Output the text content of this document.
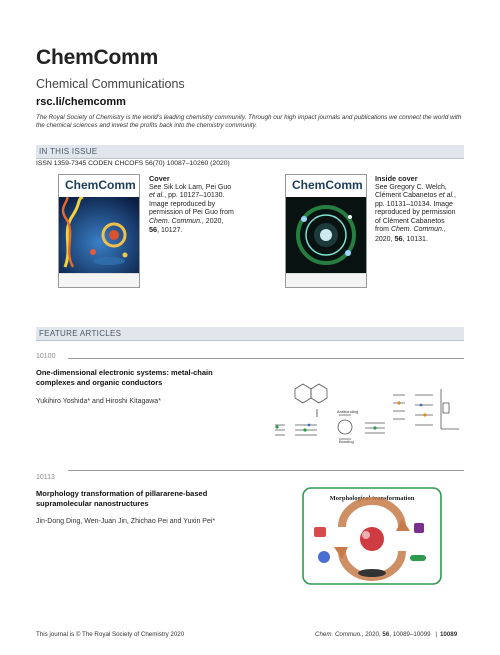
ChemComm
Chemical Communications
rsc.li/chemcomm
The Royal Society of Chemistry is the world's leading chemistry community. Through our high impact journals and publications we connect the world with the chemical sciences and invest the profits back into the chemistry community.
IN THIS ISSUE
ISSN 1359-7345 CODEN CHCOFS 56(70) 10087–10260 (2020)
ChemComm Cover
See Sik Lok Lam, Pei Guo et al., pp. 10127–10130. Image reproduced by permission of Pei Guo from Chem. Commun., 2020, 56, 10127.
ChemComm Inside cover
See Gregory C. Welch, Clément Cabanetos et al., pp. 10131–10134. Image reproduced by permission of Clément Cabanetos from Chem. Commun., 2020, 56, 10131.
FEATURE ARTICLES
10100
One-dimensional electronic systems: metal-chain complexes and organic conductors
Yukihiro Yoshida* and Hiroshi Kitagawa*
Antibonding
Bonding
10113
Morphology transformation of pillararene-based supramolecular nanostructures
Jin-Dong Ding, Wen-Juan Jin, Zhichao Pei and Yuxin Pei*
Morphological transformation
This journal is © The Royal Society of Chemistry 2020	Chem. Commun., 2020, 56, 10089–10099 | 10089
